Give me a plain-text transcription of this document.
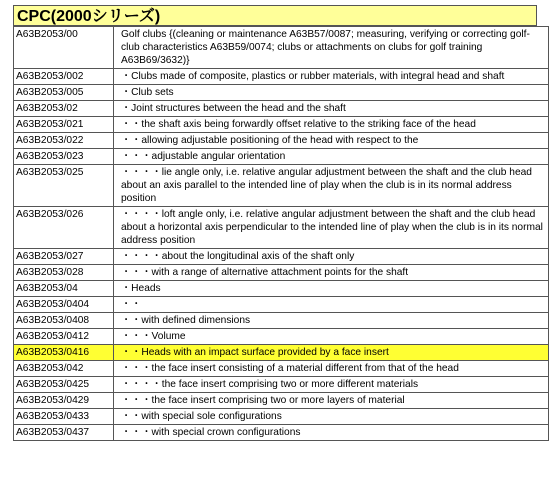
CPC(2000シリーズ)
A63B2053/00	Golf clubs {(cleaning or maintenance A63B57/0087; measuring, verifying or correcting golf-club characteristics A63B59/0074; clubs or attachments on clubs for golf training A63B69/3632)}
A63B2053/002	・Clubs made of composite, plastics or rubber materials, with integral head and shaft
A63B2053/005	・Club sets
A63B2053/02	・Joint structures between the head and the shaft
A63B2053/021	・・the shaft axis being forwardly offset relative to the striking face of the head
A63B2053/022	・・allowing adjustable positioning of the head with respect to the
A63B2053/023	・・・adjustable angular orientation
A63B2053/025	・・・・lie angle only, i.e. relative angular adjustment between the shaft and the club head about an axis parallel to the intended line of play when the club is in its normal address position
A63B2053/026	・・・・loft angle only, i.e. relative angular adjustment between the shaft and the club head about a horizontal axis perpendicular to the intended line of play when the club is in its normal address position
A63B2053/027	・・・・about the longitudinal axis of the shaft only
A63B2053/028	・・・with a range of alternative attachment points for the shaft
A63B2053/04	・Heads
A63B2053/0404	・・
A63B2053/0408	・・with defined dimensions
A63B2053/0412	・・・Volume
A63B2053/0416	・・Heads with an impact surface provided by a face insert
A63B2053/042	・・・the face insert consisting of a material different from that of the head
A63B2053/0425	・・・・the face insert comprising two or more different materials
A63B2053/0429	・・・the face insert comprising two or more layers of material
A63B2053/0433	・・with special sole configurations
A63B2053/0437	・・・with special crown configurations
